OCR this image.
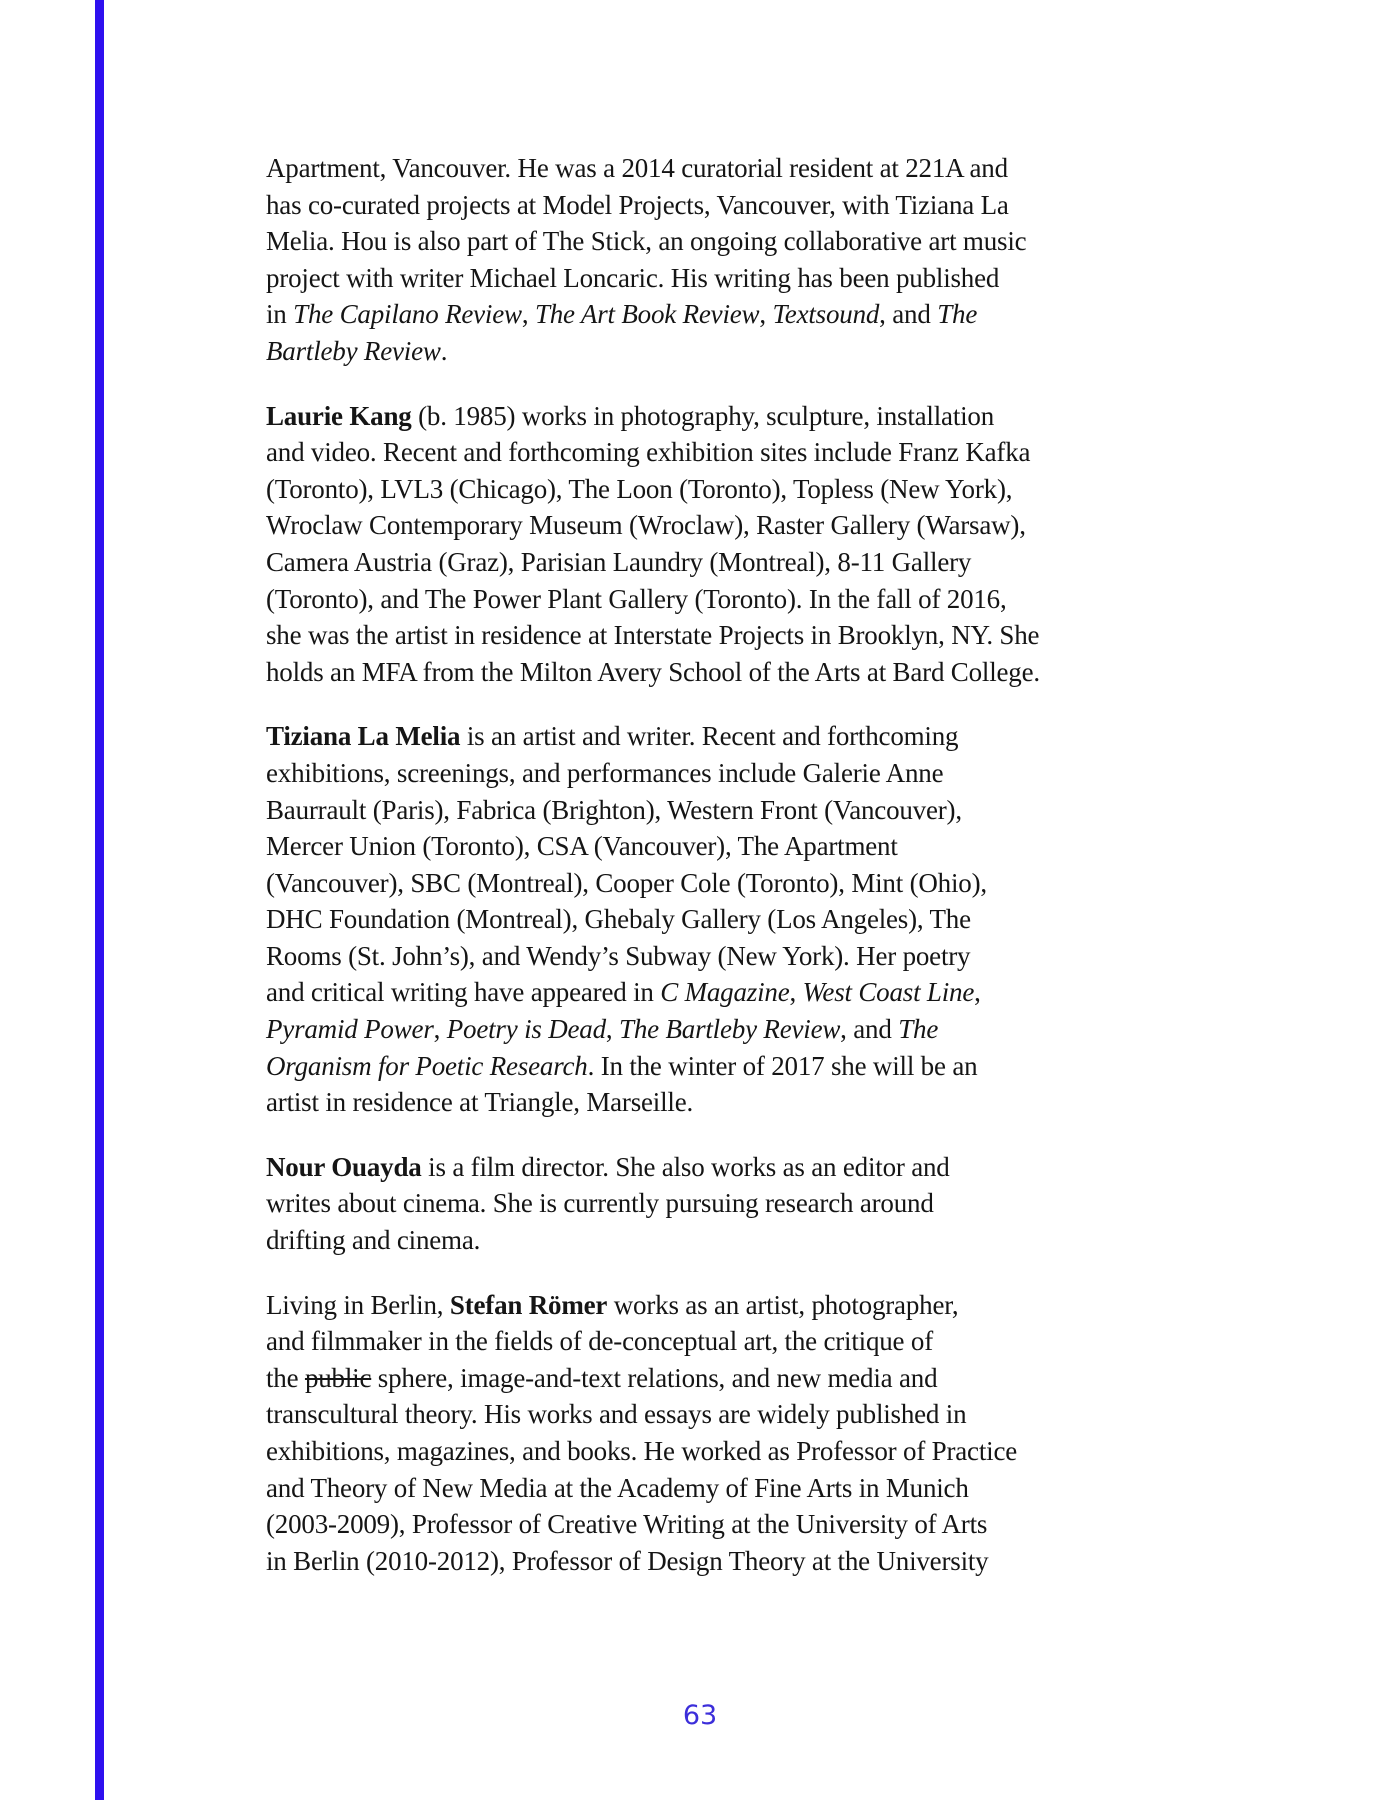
Apartment, Vancouver. He was a 2014 curatorial resident at 221A and
has co-curated projects at Model Projects, Vancouver, with Tiziana La
Melia. Hou is also part of The Stick, an ongoing collaborative art music
project with writer Michael Loncaric. His writing has been published
in The Capilano Review, The Art Book Review, Textsound, and The
Bartleby Review.
Laurie Kang (b. 1985) works in photography, sculpture, installation
and video. Recent and forthcoming exhibition sites include Franz Kafka
(Toronto), LVL3 (Chicago), The Loon (Toronto), Topless (New York),
Wroclaw Contemporary Museum (Wroclaw), Raster Gallery (Warsaw),
Camera Austria (Graz), Parisian Laundry (Montreal), 8-11 Gallery
(Toronto), and The Power Plant Gallery (Toronto). In the fall of 2016,
she was the artist in residence at Interstate Projects in Brooklyn, NY. She
holds an MFA from the Milton Avery School of the Arts at Bard College.
Tiziana La Melia is an artist and writer. Recent and forthcoming
exhibitions, screenings, and performances include Galerie Anne
Baurrault (Paris), Fabrica (Brighton), Western Front (Vancouver),
Mercer Union (Toronto), CSA (Vancouver), The Apartment
(Vancouver), SBC (Montreal), Cooper Cole (Toronto), Mint (Ohio),
DHC Foundation (Montreal), Ghebaly Gallery (Los Angeles), The
Rooms (St. John’s), and Wendy’s Subway (New York). Her poetry
and critical writing have appeared in C Magazine, West Coast Line,
Pyramid Power, Poetry is Dead, The Bartleby Review, and The
Organism for Poetic Research. In the winter of 2017 she will be an
artist in residence at Triangle, Marseille.
Nour Ouayda is a film director. She also works as an editor and
writes about cinema. She is currently pursuing research around
drifting and cinema.
Living in Berlin, Stefan Römer works as an artist, photographer,
and filmmaker in the fields of de-conceptual art, the critique of
the public sphere, image-and-text relations, and new media and
transcultural theory. His works and essays are widely published in
exhibitions, magazines, and books. He worked as Professor of Practice
and Theory of New Media at the Academy of Fine Arts in Munich
(2003-2009), Professor of Creative Writing at the University of Arts
in Berlin (2010-2012), Professor of Design Theory at the University
63
